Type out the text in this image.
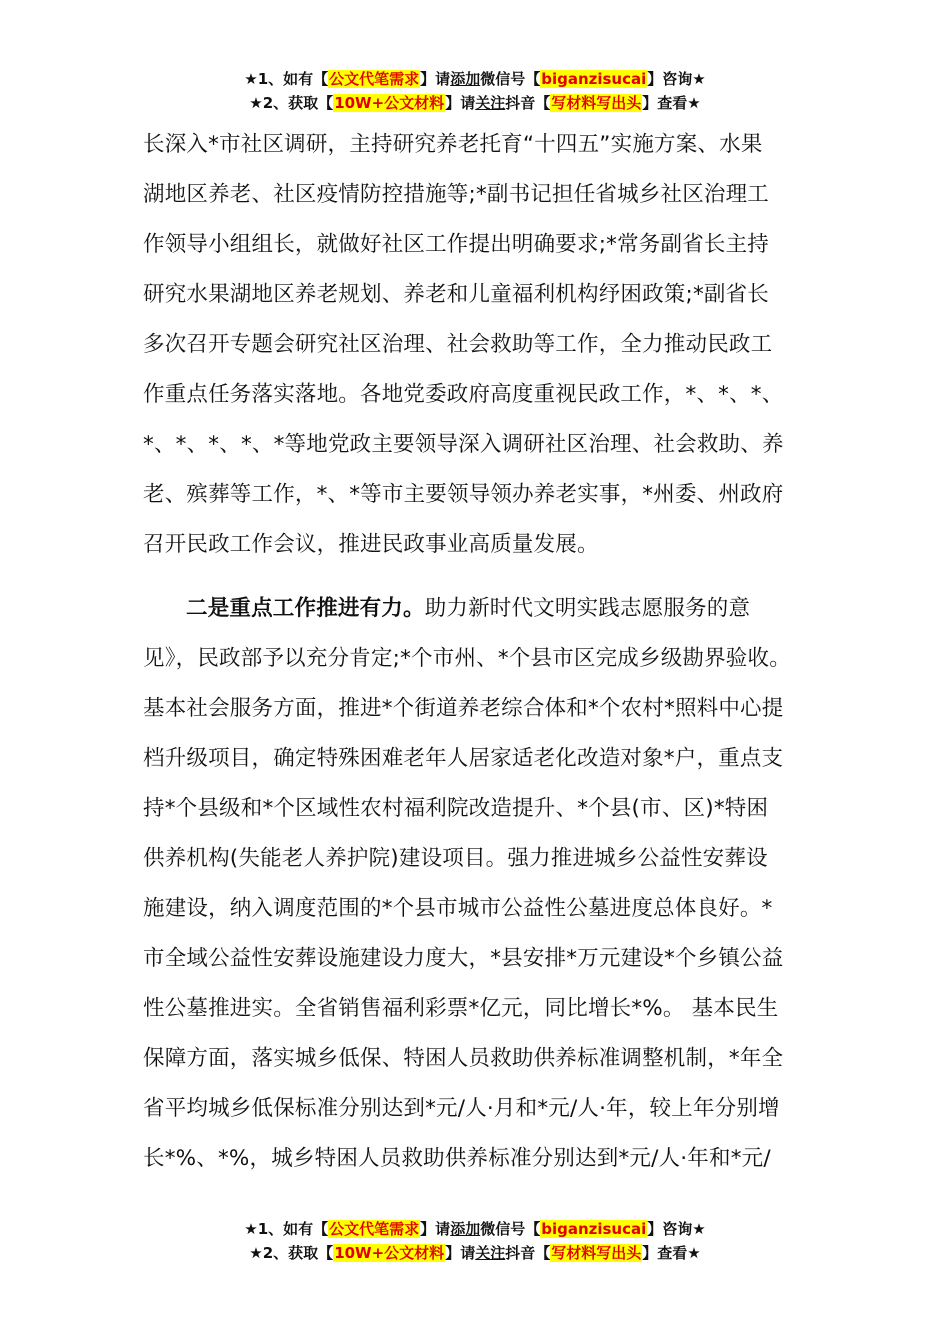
★1、如有【公文代笔需求】请添加微信号【biganzisucai】咨询★
★2、获取【10W+公文材料】请关注抖音【写材料写出头】查看★
长深入*市社区调研，主持研究养老托育“十四五”实施方案、水果
湖地区养老、社区疫情防控措施等;*副书记担任省城乡社区治理工
作领导小组组长，就做好社区工作提出明确要求;*常务副省长主持
研究水果湖地区养老规划、养老和儿童福利机构纾困政策;*副省长
多次召开专题会研究社区治理、社会救助等工作，全力推动民政工
作重点任务落实落地。各地党委政府高度重视民政工作，*、*、*、
*、*、*、*、*等地党政主要领导深入调研社区治理、社会救助、养
老、殡葬等工作，*、*等市主要领导领办养老实事，*州委、州政府
召开民政工作会议，推进民政事业高质量发展。
二是重点工作推进有力。助力新时代文明实践志愿服务的意
见》，民政部予以充分肯定;*个市州、*个县市区完成乡级勘界验收。
基本社会服务方面，推进*个街道养老综合体和*个农村*照料中心提
档升级项目，确定特殊困难老年人居家适老化改造对象*户，重点支
持*个县级和*个区域性农村福利院改造提升、*个县(市、区)*特困
供养机构(失能老人养护院)建设项目。强力推进城乡公益性安葬设
施建设，纳入调度范围的*个县市城市公益性公墓进度总体良好。*
市全域公益性安葬设施建设力度大，*县安排*万元建设*个乡镇公益
性公墓推进实。全省销售福利彩票*亿元，同比增长*%。 基本民生
保障方面，落实城乡低保、特困人员救助供养标准调整机制，*年全
省平均城乡低保标准分别达到*元/人·月和*元/人·年，较上年分别增
长*%、*%，城乡特困人员救助供养标准分别达到*元/人·年和*元/
★1、如有【公文代笔需求】请添加微信号【biganzisucai】咨询★
★2、获取【10W+公文材料】请关注抖音【写材料写出头】查看★
